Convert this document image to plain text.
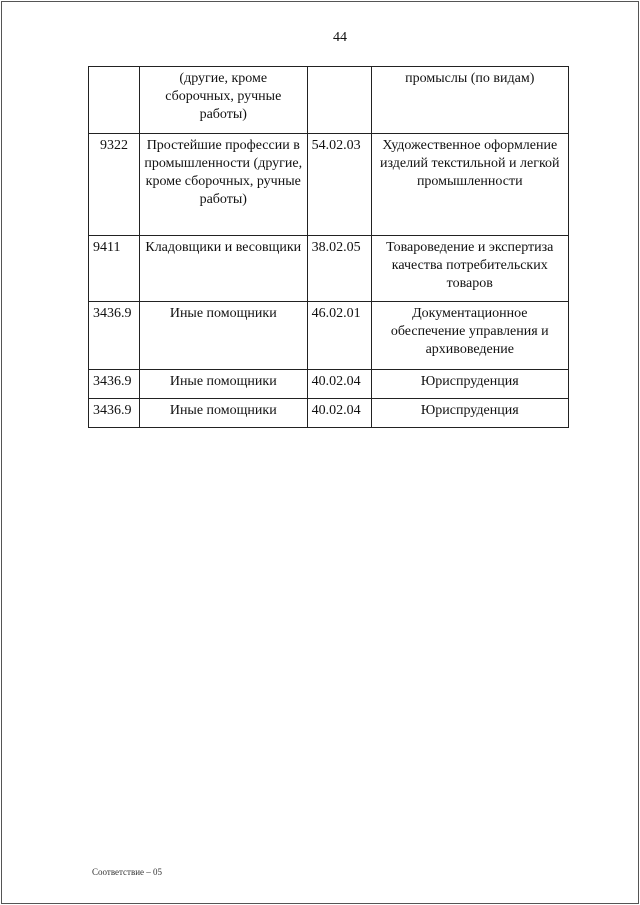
44
	(другие, кроме сборочных, ручные работы)		промыслы (по видам)
9322	Простейшие профессии в промышленности (другие, кроме сборочных, ручные работы)	54.02.03	Художественное оформление изделий текстильной и легкой промышленности
9411	Кладовщики и весовщики	38.02.05	Товароведение и экспертиза качества потребительских товаров
3436.9	Иные помощники	46.02.01	Документационное обеспечение управления и архивоведение
3436.9	Иные помощники	40.02.04	Юриспруденция
3436.9	Иные помощники	40.02.04	Юриспруденция
Соответствие – 05
